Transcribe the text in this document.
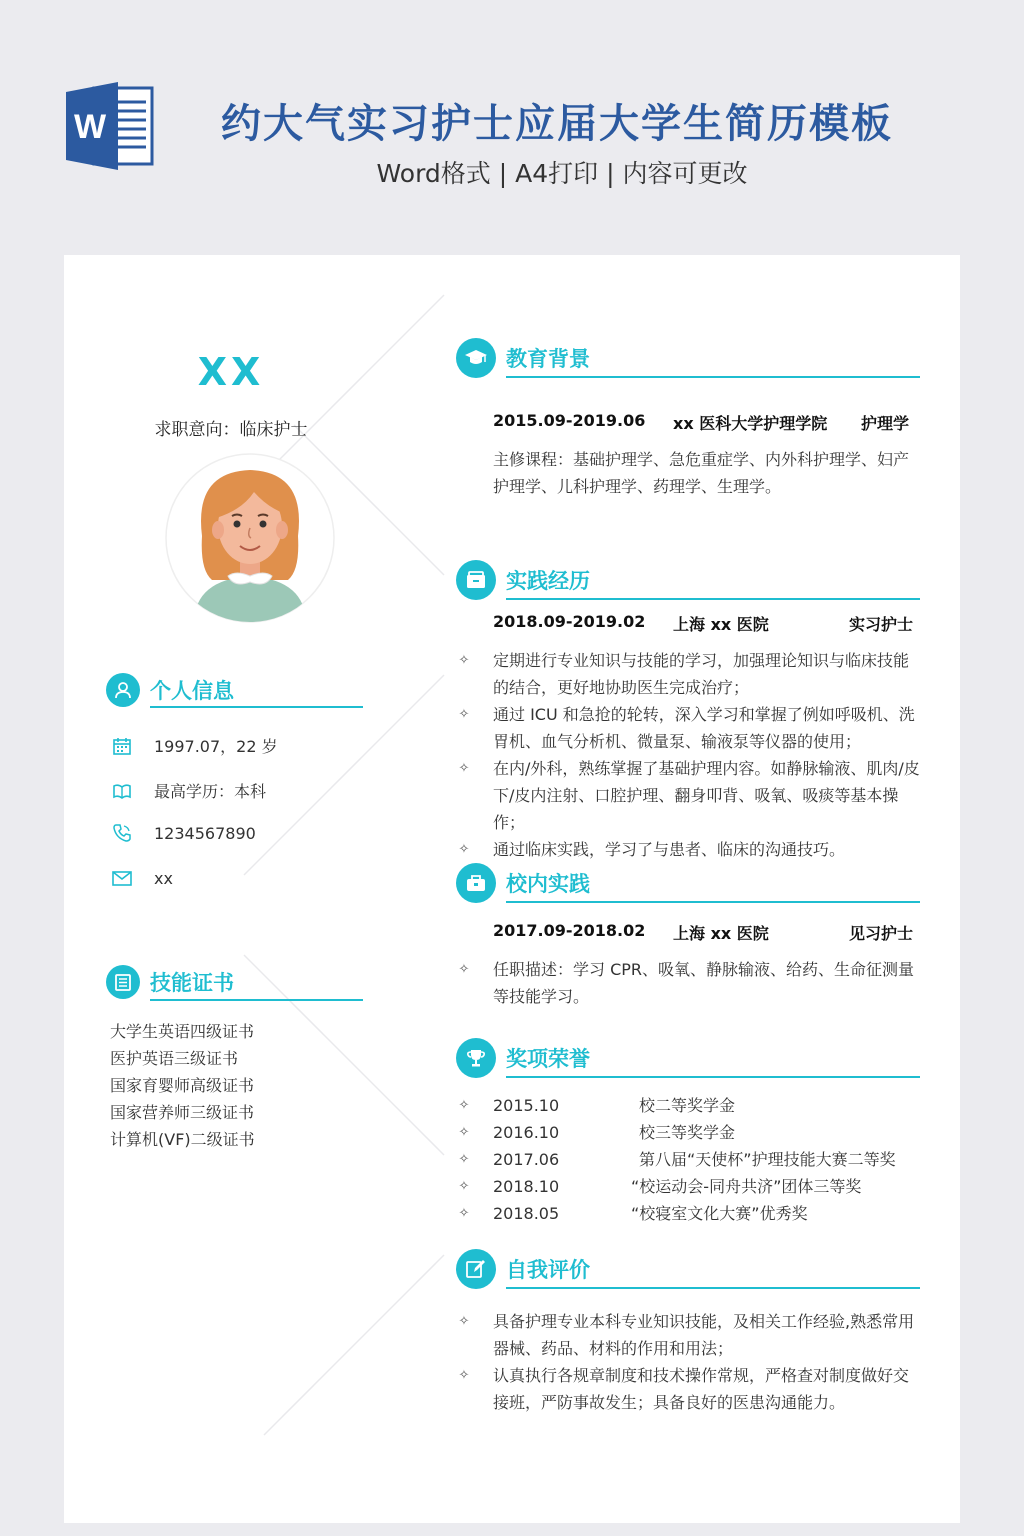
W	约大气实习护士应届大学生简历模板
Word格式 | A4打印 | 内容可更改
XX
求职意向：临床护士
个人信息
1997.07，22 岁
最高学历：本科
1234567890
xx
技能证书
大学生英语四级证书
医护英语三级证书
国家育婴师高级证书
国家营养师三级证书
计算机(VF)二级证书
教育背景
2015.09-2019.06	xx 医科大学护理学院	护理学
主修课程：基础护理学、急危重症学、内外科护理学、妇产护理学、儿科护理学、药理学、生理学。
实践经历
2018.09-2019.02	上海 xx 医院	实习护士
✧ 定期进行专业知识与技能的学习，加强理论知识与临床技能的结合，更好地协助医生完成治疗；
✧ 通过 ICU 和急抢的轮转，深入学习和掌握了例如呼吸机、洗胃机、血气分析机、微量泵、输液泵等仪器的使用；
✧ 在内/外科，熟练掌握了基础护理内容。如静脉输液、肌肉/皮下/皮内注射、口腔护理、翻身叩背、吸氧、吸痰等基本操作；
✧ 通过临床实践，学习了与患者、临床的沟通技巧。
校内实践
2017.09-2018.02	上海 xx 医院	见习护士
✧ 任职描述：学习 CPR、吸氧、静脉输液、给药、生命征测量等技能学习。
奖项荣誉
✧ 2015.10	校二等奖学金
✧ 2016.10	校三等奖学金
✧ 2017.06	第八届“天使杯”护理技能大赛二等奖
✧ 2018.10	“校运动会-同舟共济”团体三等奖
✧ 2018.05	“校寝室文化大赛”优秀奖
自我评价
✧ 具备护理专业本科专业知识技能，及相关工作经验,熟悉常用器械、药品、材料的作用和用法；
✧ 认真执行各规章制度和技术操作常规，严格查对制度做好交接班，严防事故发生；具备良好的医患沟通能力。
